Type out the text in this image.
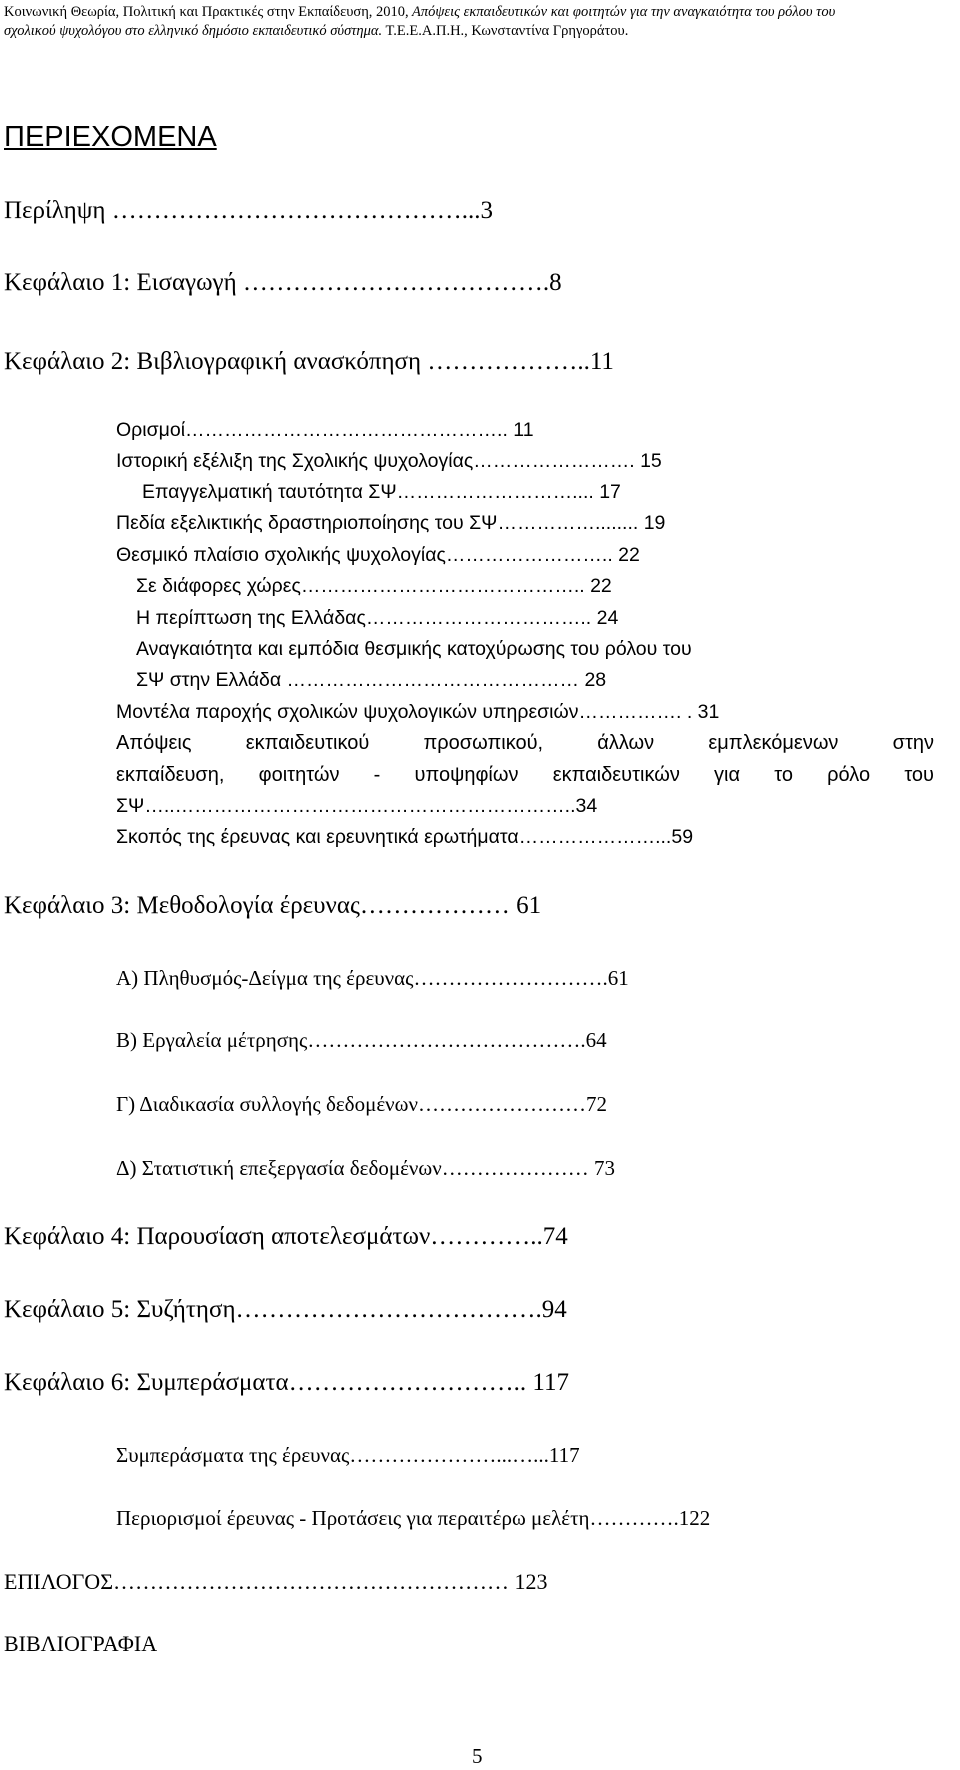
Κοινωνική Θεωρία, Πολιτική και Πρακτικές στην Εκπαίδευση, 2010, Απόψεις εκπαιδευτικών και φοιτητών για την αναγκαιότητα του ρόλου του
σχολικού ψυχολόγου στο ελληνικό δημόσιο εκπαιδευτικό σύστημα. Τ.Ε.Ε.Α.Π.Η., Κωνσταντίνα Γρηγοράτου.
ΠΕΡΙΕΧΟΜΕΝΑ
Περίληψη ……………………………………...3
Κεφάλαιο 1: Εισαγωγή ……………………………….8
Κεφάλαιο 2: Βιβλιογραφική ανασκόπηση ………………..11
Ορισμοί………………………………………….. 11
Ιστορική εξέλιξη της Σχολικής ψυχολογίας……………………. 15
Επαγγελματική ταυτότητα ΣΨ……………………….... 17
Πεδία εξελικτικής δραστηριοποίησης του ΣΨ……………........ 19
Θεσμικό πλαίσιο σχολικής ψυχολογίας…………………….. 22
Σε διάφορες χώρες…………………………………….. 22
Η περίπτωση της Ελλάδας…………………………….. 24
Αναγκαιότητα και εμπόδια θεσμικής κατοχύρωσης του ρόλου του
ΣΨ στην Ελλάδα ……………………………………… 28
Μοντέλα παροχής σχολικών ψυχολογικών υπηρεσιών……………. . 31
Απόψεις εκπαιδευτικού προσωπικού, άλλων εμπλεκόμενων στην
εκπαίδευση, φοιτητών - υποψηφίων εκπαιδευτικών για το ρόλο του
ΣΨ…..……………………………………………………..34
Σκοπός της έρευνας και ερευνητικά ερωτήματα…………………...59
Κεφάλαιο 3: Μεθοδολογία έρευνας……………… 61
Α) Πληθυσμός-Δείγμα της έρευνας……………………….61
Β) Εργαλεία μέτρησης………………………………….64
Γ) Διαδικασία συλλογής δεδομένων……………………72
Δ) Στατιστική επεξεργασία δεδομένων………………… 73
Κεφάλαιο 4: Παρουσίαση αποτελεσμάτων…………..74
Κεφάλαιο 5: Συζήτηση……………………………….94
Κεφάλαιο 6: Συμπεράσματα……………………….. 117
Συμπεράσματα της έρευνας…………………...…...117
Περιορισμοί έρευνας - Προτάσεις για περαιτέρω μελέτη………….122
ΕΠΙΛΟΓΟΣ……………………………………………… 123
ΒΙΒΛΙΟΓΡΑΦΙΑ
5
